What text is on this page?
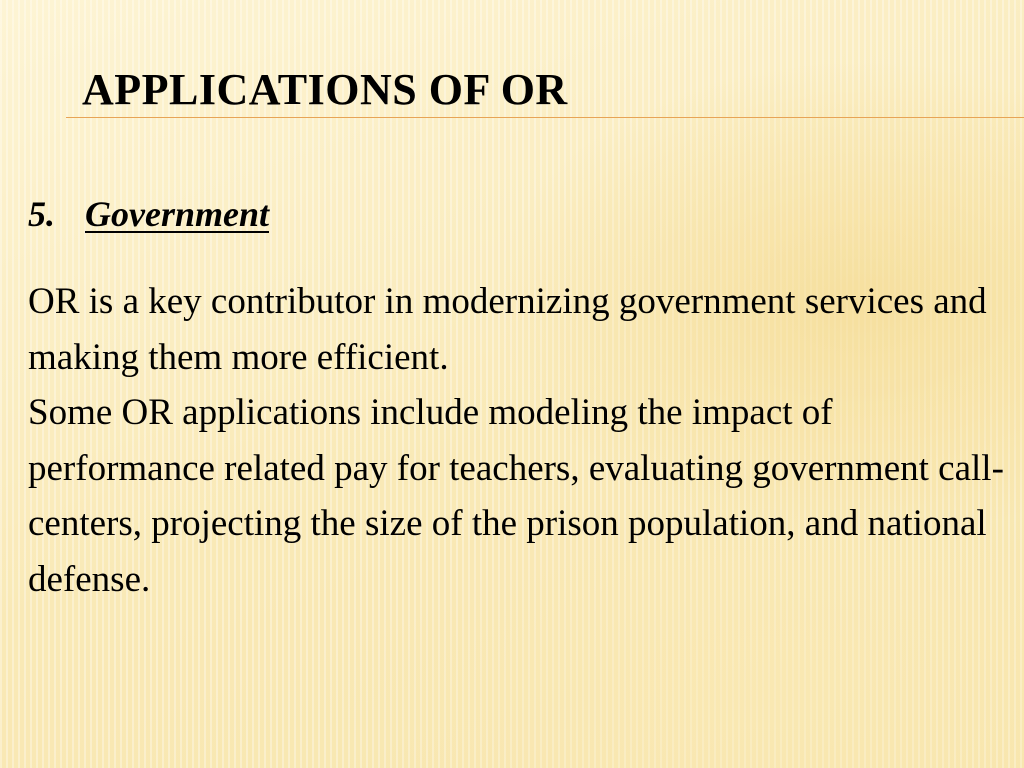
APPLICATIONS OF OR
5. Government

OR is a key contributor in modernizing government services and making them more efficient.

Some OR applications include modeling the impact of performance related pay for teachers, evaluating government call-centers, projecting the size of the prison population, and national defense.
